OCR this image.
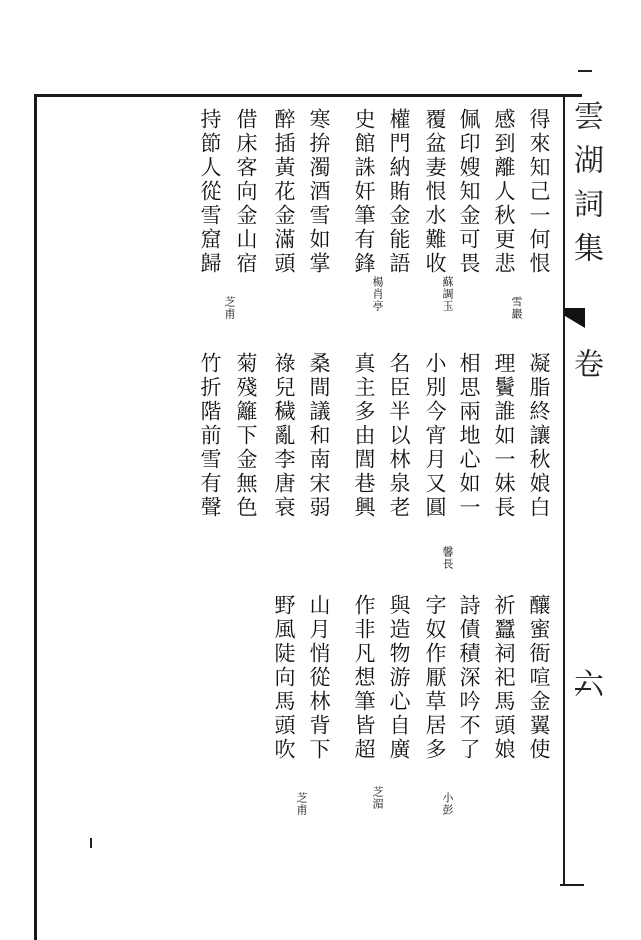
雲湖詞集
卷
六
得來知己一何恨
感到離人秋更悲
佩印嫂知金可畏
覆盆妻恨水難收
權門納賄金能語
史館誅奸筆有鋒
寒拚濁酒雪如掌
醉插黃花金滿頭
借床客向金山宿
持節人從雪窟歸
凝脂終讓秋娘白
理鬢誰如一妹長
相思兩地心如一
小別今宵月又圓
名臣半以林泉老
真主多由閭巷興
桑間議和南宋弱
祿兒穢亂李唐衰
菊殘籬下金無色
竹折階前雪有聲
釀蜜衙喧金翼使
祈蠶祠祀馬頭娘
詩債積深吟不了
字奴作厭草居多
與造物游心自廣
作非凡想筆皆超
山月悄從林背下
野風陡向馬頭吹
雪巖
蘇調玉
楊肖亭
芝甫
馨長
小彭
芝湄
芝甫
